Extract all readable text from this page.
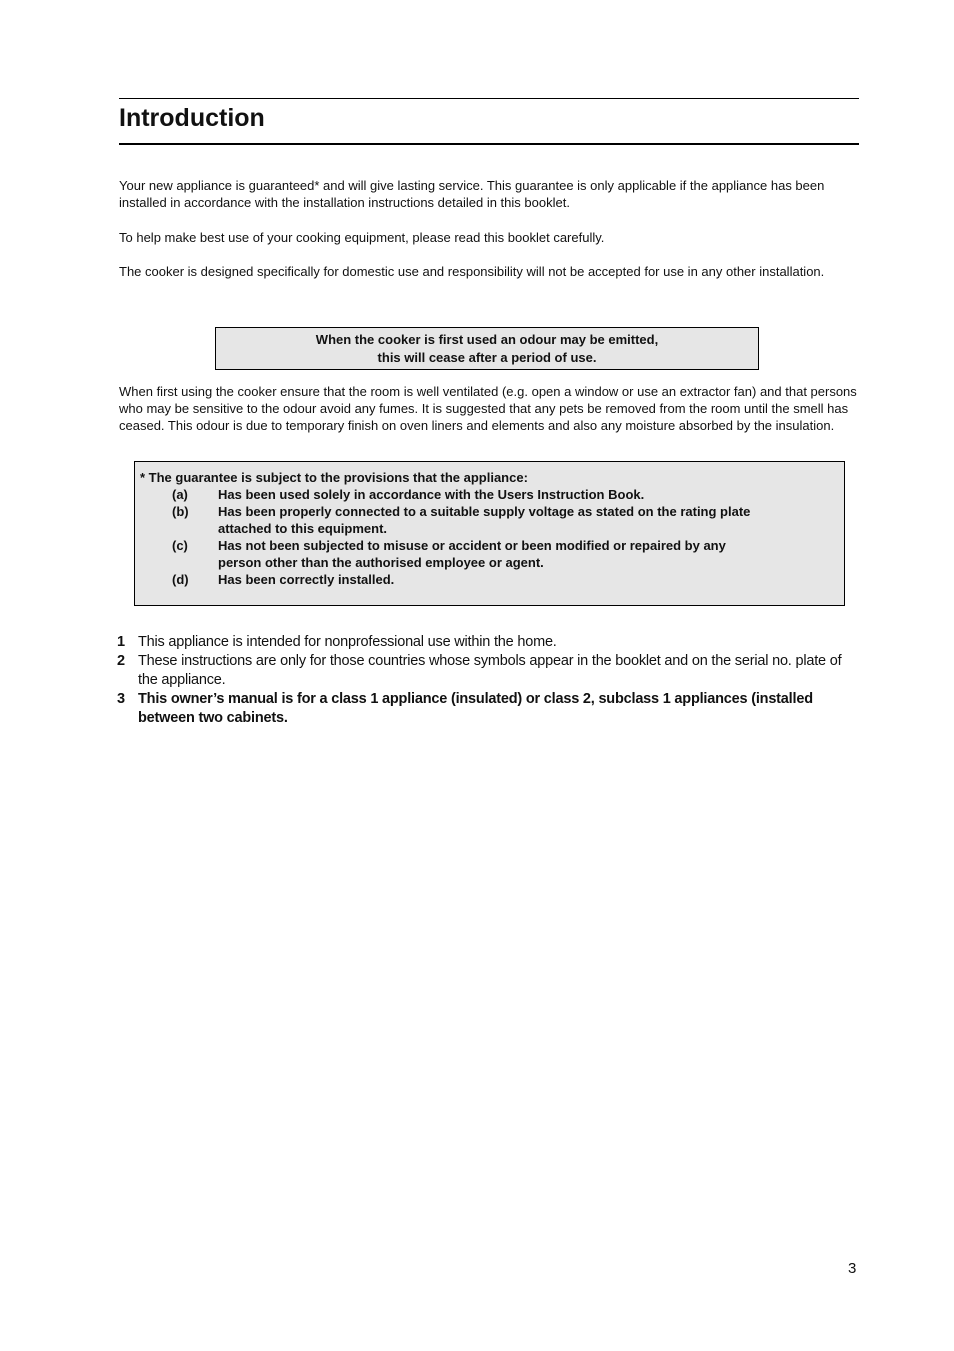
Introduction

Your new appliance is guaranteed* and will give lasting service. This guarantee is only applicable if the appliance has been installed in accordance with the installation instructions detailed in this booklet.

To help make best use of your cooking equipment, please read this booklet carefully.

The cooker is designed specifically for domestic use and responsibility will not be accepted for use in any other installation.

When the cooker is first used an odour may be emitted,
this will cease after a period of use.

When first using the cooker ensure that the room is well ventilated (e.g. open a window or use an extractor fan) and that persons who may be sensitive to the odour avoid any fumes. It is suggested that any pets be removed from the room until the smell has ceased. This odour is due to temporary finish on oven liners and elements and also any moisture absorbed by the insulation.

* The guarantee is subject to the provisions that the appliance:
(a)	Has been used solely in accordance with the Users Instruction Book.
(b)	Has been properly connected to a suitable supply voltage as stated on the rating plate attached to this equipment.
(c)	Has not been subjected to misuse or accident or been modified or repaired by any person other than the authorised employee or agent.
(d)	Has been correctly installed.
1 This appliance is intended for nonprofessional use within the home.
2 These instructions are only for those countries whose symbols appear in the booklet and on the serial no. plate of the appliance.
3 This owner’s manual is for a class 1 appliance (insulated) or class 2, subclass 1 appliances (installed between two cabinets.
3
